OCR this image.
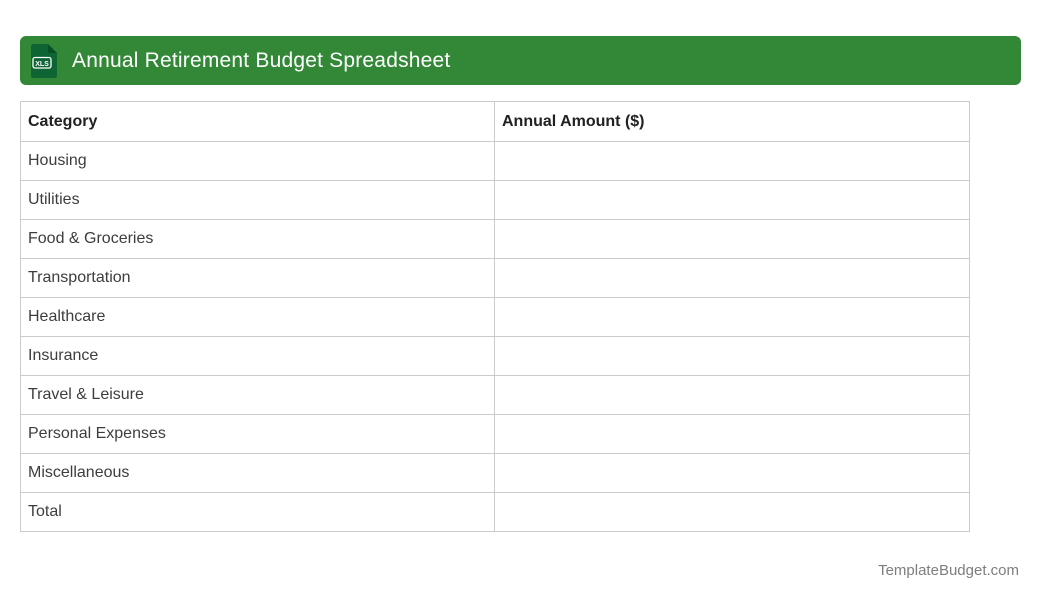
XLS Annual Retirement Budget Spreadsheet
Category	Annual Amount ($)
Housing	
Utilities	
Food & Groceries	
Transportation	
Healthcare	
Insurance	
Travel & Leisure	
Personal Expenses	
Miscellaneous	
Total	
TemplateBudget.com
